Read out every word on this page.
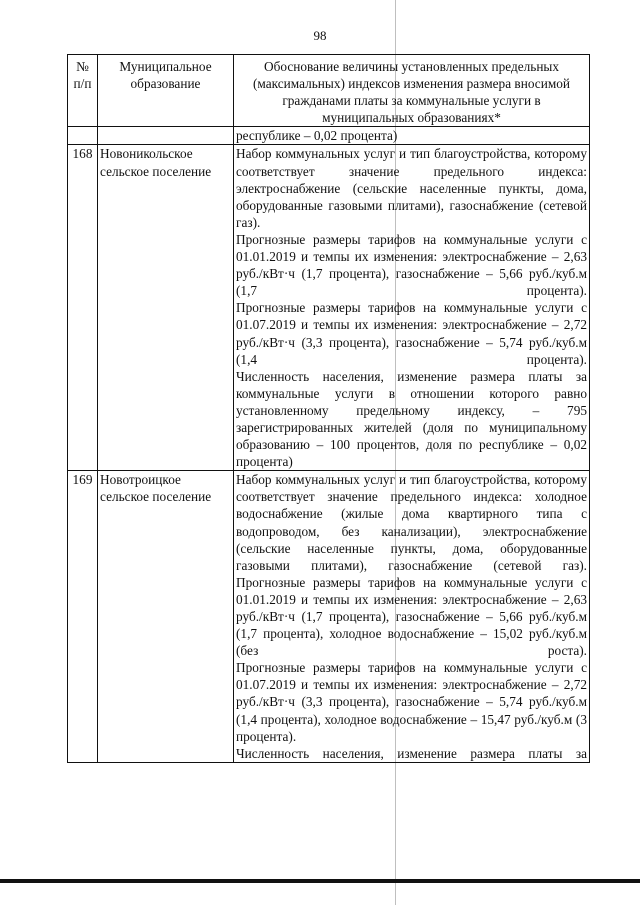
98
№ п/п	Муниципальное образование	Обоснование величины установленных предельных (максимальных) индексов изменения размера вносимой гражданами платы за коммунальные услуги в муниципальных образованиях*

		республике – 0,02 процента)

168	Новоникольское сельское поселение	Набор коммунальных услуг и тип благоустройства, которому соответствует значение предельного индекса: электроснабжение (сельские населенные пункты, дома, оборудованные газовыми плитами), газоснабжение (сетевой газ).

Прогнозные размеры тарифов на коммунальные услуги с 01.01.2019 и темпы их изменения: электроснабжение – 2,63 руб./кВт·ч (1,7 процента), газоснабжение – 5,66 руб./куб.м (1,7 процента).

Прогнозные размеры тарифов на коммунальные услуги с 01.07.2019 и темпы их изменения: электроснабжение – 2,72 руб./кВт·ч (3,3 процента), газоснабжение – 5,74 руб./куб.м (1,4 процента).

Численность населения, изменение размера платы за коммунальные услуги в отношении которого равно установленному предельному индексу, – 795 зарегистрированных жителей (доля по муниципальному образованию – 100 процентов, доля по республике – 0,02 процента)

169	Новотроицкое сельское поселение	Набор коммунальных услуг и тип благоустройства, которому соответствует значение предельного индекса: холодное водоснабжение (жилые дома квартирного типа с водопроводом, без канализации), электроснабжение (сельские населенные пункты, дома, оборудованные газовыми плитами), газоснабжение (сетевой газ).

Прогнозные размеры тарифов на коммунальные услуги с 01.01.2019 и темпы их изменения: электроснабжение – 2,63 руб./кВт·ч (1,7 процента), газоснабжение – 5,66 руб./куб.м (1,7 процента), холодное водоснабжение – 15,02 руб./куб.м (без роста).

Прогнозные размеры тарифов на коммунальные услуги с 01.07.2019 и темпы их изменения: электроснабжение – 2,72 руб./кВт·ч (3,3 процента), газоснабжение – 5,74 руб./куб.м (1,4 процента), холодное водоснабжение – 15,47 руб./куб.м (3 процента).

Численность населения, изменение размера платы за
